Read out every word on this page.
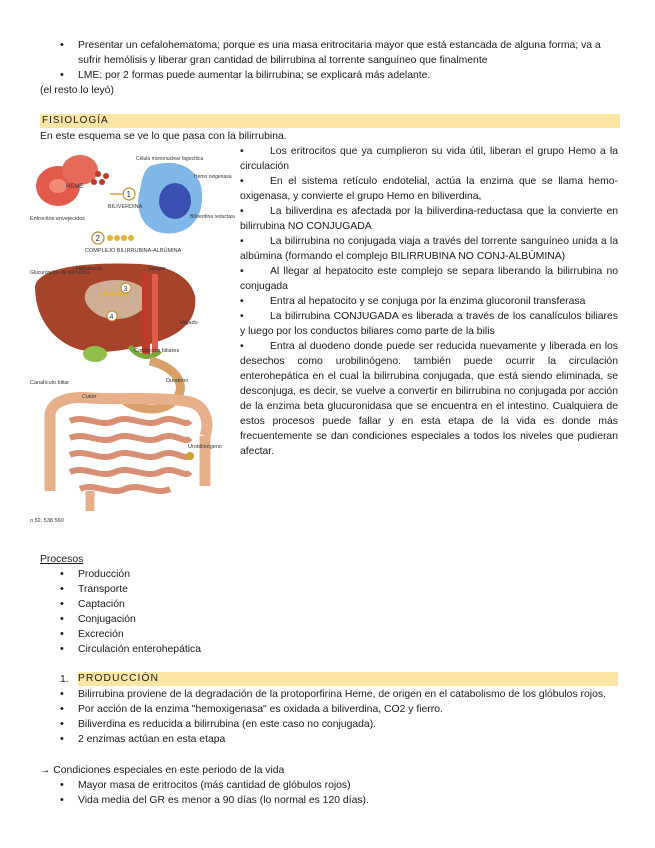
• Presentar un cefalohematoma; porque es una masa eritrocitaria mayor que está estancada de alguna forma; va a sufrir hemólisis y liberar gran cantidad de bilirrubina al torrente sanguíneo que finalmente

• LME: por 2 formas puede aumentar la bilirrubina; se explicará más adelante.

(el resto lo leyó)
FISIOLOGÍA
En este esquema se ve lo que pasa con la bilirrubina.
1
2
HEME
BILIVERDINA
Célula mononuclear fagocítica
Hemo oxigenasa
Biliverdina reductasa
Entrocitos envejecidos
COMPLEJO BILIRRUBINA-ALBÚMINA
3
4
Hepatocito	Sangre
Glucurónidos de bilirrubina
Hígado
Conductos biliares
Canalículo biliar	Duodeno
Colon
Urobilinógeno
o 52, 538 560

•	Los eritrocitos que ya cumplieron su vida útil, liberan el grupo Hemo a la circulación

•	En el sistema retículo endotelial, actúa la enzima que se llama hemo-oxigenasa, y convierte el grupo Hemo en biliverdina,

•	La biliverdina es afectada por la biliverdina-reductasa que la convierte en bilirrubina NO CONJUGADA

•	La bilirrubina no conjugada viaja a través del torrente sanguíneo unida a la albúmina (formando el complejo BILIRRUBINA NO CONJ-ALBÚMINA)

•	Al llegar al hepatocito este complejo se separa liberando la bilirrubina no conjugada

•	Entra al hepatocito y se conjuga por la enzima glucoronil transferasa

•	La bilirrubina CONJUGADA es liberada a través de los canalículos biliares y luego por los conductos biliares como parte de la bilis

•	Entra al duodeno donde puede ser reducida nuevamente y liberada en los desechos como urobilinógeno. también puede ocurrir la circulación enterohepática en el cual la bilirrubina conjugada, que está siendo eliminada, se desconjuga, es decir, se vuelve a convertir en bilirrubina no conjugada por acción de la enzima beta glucuronidasa que se encuentra en el intestino. Cualquiera de estos procesos puede fallar y en esta etapa de la vida es donde más frecuentemente se dan condiciones especiales a todos los niveles que pudieran afectar.

Procesos

• Producción

• Transporte

• Captación

• Conjugación

• Excreción

• Circulación enterohepática

1. PRODUCCIÓN

• Bilirrubina proviene de la degradación de la protoporfirina Heme, de origen en el catabolismo de los glóbulos rojos.

• Por acción de la enzima "hemoxigenasa" es oxidada a biliverdina, CO2 y fierro.

• Biliverdina es reducida a bilirrubina (en este caso no conjugada).

• 2 enzimas actúan en esta etapa

→ Condiciones especiales en este periodo de la vida

• Mayor masa de eritrocitos (más cantidad de glóbulos rojos)

• Vida media del GR es menor a 90 días (lo normal es 120 días).
